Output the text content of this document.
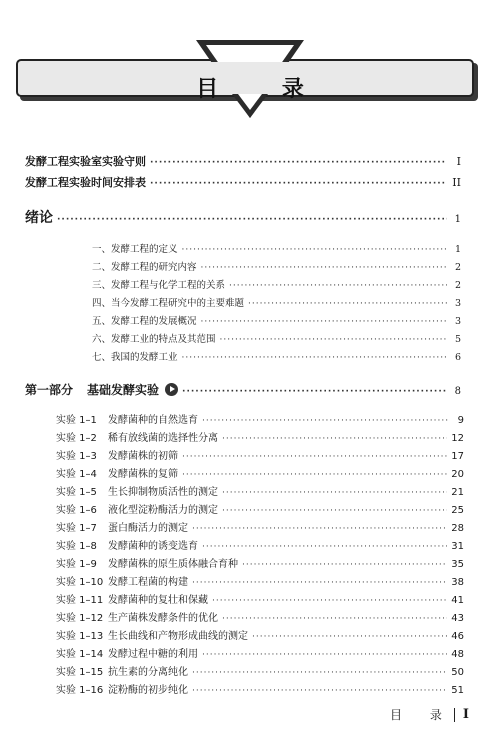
目 录
发酵工程实验室实验守则 ·····	I
发酵工程实验时间安排表 ·····	II
绪论 ·····	1
一、发酵工程的定义 ·····	1
二、发酵工程的研究内容 ·····	2
三、发酵工程与化学工程的关系 ·····	2
四、当今发酵工程研究中的主要难题 ·····	3
五、发酵工程的发展概况 ·····	3
六、发酵工业的特点及其范围 ·····	5
七、我国的发酵工业 ·····	6
第一部分 基础发酵实验 ·····	8
实验 1–1 发酵菌种的自然选育 ·····	9
实验 1–2 稀有放线菌的选择性分离 ·····	12
实验 1–3 发酵菌株的初筛 ·····	17
实验 1–4 发酵菌株的复筛 ·····	20
实验 1–5 生长抑制物质活性的测定 ·····	21
实验 1–6 液化型淀粉酶活力的测定 ·····	25
实验 1–7 蛋白酶活力的测定 ·····	28
实验 1–8 发酵菌种的诱变选育 ·····	31
实验 1–9 发酵菌株的原生质体融合育种 ·····	35
实验 1–10 发酵工程菌的构建 ·····	38
实验 1–11 发酵菌种的复壮和保藏 ·····	41
实验 1–12 生产菌株发酵条件的优化 ·····	43
实验 1–13 生长曲线和产物形成曲线的测定 ·····	46
实验 1–14 发酵过程中糖的利用 ·····	48
实验 1–15 抗生素的分离纯化 ·····	50
实验 1–16 淀粉酶的初步纯化 ·····	51
目 录 I
